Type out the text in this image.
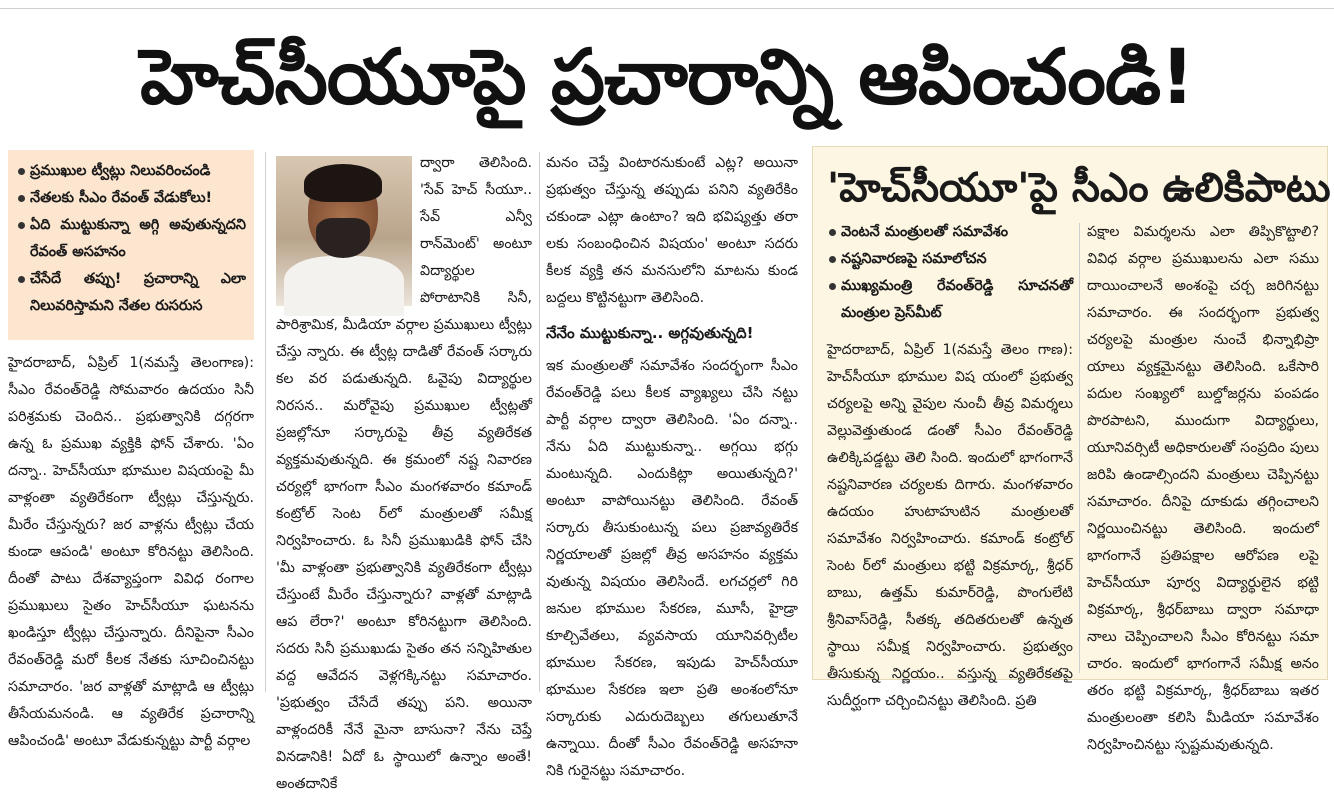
హెచ్‌సీయూపై ప్రచారాన్ని ఆపించండి!
ప్రముఖుల ట్వీట్లు నిలువరించండి
నేతలకు సీఎం రేవంత్ వేడుకోలు!
ఏది ముట్టుకున్నా అగ్గి అవుతున్నదని రేవంత్ అసహనం
చేసేదే తప్పు! ప్రచారాన్ని ఎలా నిలువరిస్తామని నేతల రుసరుస

హైదరాబాద్, ఏప్రిల్ 1(నమస్తే తెలంగాణ): సీఎం రేవంత్‌రెడ్డి సోమవారం ఉదయం సినీ పరిశ్రమకు చెందిన.. ప్రభుత్వానికి దగ్గరగా ఉన్న ఓ ప్రముఖ వ్యక్తికి ఫోన్ చేశారు. 'ఏం దన్నా.. హెచ్‌సీయూ భూముల విషయంపై మీ వాళ్లంతా వ్యతిరేకంగా ట్వీట్లు చేస్తున్నరు. మీరేం చేస్తున్నరు? జర వాళ్లను ట్వీట్లు చేయ కుండా ఆపండి' అంటూ కోరినట్టు తెలిసింది. దీంతో పాటు దేశవ్యాప్తంగా వివిధ రంగాల ప్రముఖులు సైతం హెచ్‌సీయూ ఘటనను ఖండిస్తూ ట్వీట్లు చేస్తున్నారు. దీనిపైనా సీఎం రేవంత్‌రెడ్డి మరో కీలక నేతకు సూచించినట్టు సమాచారం. 'జర వాళ్లతో మాట్లాడి ఆ ట్వీట్లు తీసేయమనండి. ఆ వ్యతిరేక ప్రచారాన్ని ఆపించండి' అంటూ వేడుకున్నట్టు పార్టీ వర్గాల

ద్వారా తెలిసింది. 'సేవ్ హెచ్ సీయూ.. సేవ్ ఎన్వీ రాన్‌మెంట్' అంటూ విద్యార్థుల పోరాటానికి సినీ, పారిశ్రామిక, మీడియా వర్గాల ప్రముఖులు ట్వీట్లు చేస్తు న్నారు. ఈ ట్వీట్ల దాడితో రేవంత్ సర్కారు కల వర పడుతున్నది. ఓవైపు విద్యార్థుల నిరసన.. మరోవైపు ప్రముఖుల ట్వీట్లతో ప్రజల్లోనూ సర్కారుపై తీవ్ర వ్యతిరేకత వ్యక్తమవుతున్నది. ఈ క్రమంలో నష్ట నివారణ చర్యల్లో భాగంగా సీఎం మంగళవారం కమాండ్ కంట్రోల్ సెంట ర్‌లో మంత్రులతో సమీక్ష నిర్వహించారు. ఓ సినీ ప్రముఖుడికి ఫోన్ చేసి 'మీ వాళ్లంతా ప్రభుత్వానికి వ్యతిరేకంగా ట్వీట్లు చేస్తుంటే మీరేం చేస్తున్నారు? వాళ్లతో మాట్లాడి ఆప లేరా?' అంటూ కోరినట్టుగా తెలిసింది. సదరు సినీ ప్రముఖుడు సైతం తన సన్నిహితుల వద్ద ఆవేదన వెళ్లగక్కినట్టు సమాచారం. 'ప్రభుత్వం చేసేదే తప్పు పని. అయినా వాళ్లందరికీ నేనే మైనా బాసునా? నేను చెప్తే వినడానికి! ఏదో ఓ స్థాయిలో ఉన్నాం అంతే! అంతదానికే

మనం చెప్తే వింటారనుకుంటే ఎట్ల? అయినా ప్రభుత్వం చేస్తున్న తప్పుడు పనిని వ్యతిరేకిం చకుండా ఎట్లా ఉంటాం? ఇది భవిష్యత్తు తరా లకు సంబంధించిన విషయం' అంటూ సదరు కీలక వ్యక్తి తన మనసులోని మాటను కుండ బద్దలు కొట్టినట్టుగా తెలిసింది.

నేనేం ముట్టుకున్నా.. అగ్గవుతున్నది!

ఇక మంత్రులతో సమావేశం సందర్భంగా సీఎం రేవంత్‌రెడ్డి పలు కీలక వ్యాఖ్యలు చేసి నట్టు పార్టీ వర్గాల ద్వారా తెలిసింది. 'ఏం దన్నా.. నేను ఏది ముట్టుకున్నా.. అగ్గయి భగ్గు మంటున్నది. ఎందుకిట్లా అయితున్నది?' అంటూ వాపోయినట్టు తెలిసింది. రేవంత్ సర్కారు తీసుకుంటున్న పలు ప్రజావ్యతిరేక నిర్ణయాలతో ప్రజల్లో తీవ్ర అసహనం వ్యక్తమ వుతున్న విషయం తెలిసిందే. లగచర్లలో గిరి జనుల భూముల సేకరణ, మూసీ, హైడ్రా కూల్చివేతలు, వ్యవసాయ యూనివర్సిటీల భూముల సేకరణ, ఇపుడు హెచ్‌సీయూ భూముల సేకరణ ఇలా ప్రతి అంశంలోనూ సర్కారుకు ఎదురుదెబ్బలు తగులుతూనే ఉన్నాయి. దీంతో సీఎం రేవంత్‌రెడ్డి అసహనా నికి గురైనట్టు సమాచారం.

'హెచ్‌సీయూ'పై సీఎం ఉలికిపాటు
వెంటనే మంత్రులతో సమావేశం
నష్టనివారణపై సమాలోచన
ముఖ్యమంత్రి రేవంత్‌రెడ్డి సూచనతో మంత్రుల ప్రెస్‌మీట్

హైదరాబాద్, ఏప్రిల్ 1(నమస్తే తెలం గాణ): హెచ్‌సీయూ భూముల విష యంలో ప్రభుత్వ చర్యలపై అన్ని వైపుల నుంచీ తీవ్ర విమర్శలు వెల్లువెత్తుతుండ డంతో సీఎం రేవంత్‌రెడ్డి ఉలిక్కిపడ్డట్టు తెలి సింది. ఇందులో భాగంగానే నష్టనివారణ చర్యలకు దిగారు. మంగళవారం ఉదయం హుటాహుటిన మంత్రులతో సమావేశం నిర్వహించారు. కమాండ్ కంట్రోల్ సెంట ర్‌లో మంత్రులు భట్టి విక్రమార్క, శ్రీధర్ బాబు, ఉత్తమ్ కుమార్‌రెడ్డి, పొంగులేటి శ్రీనివాస్‌రెడ్డి, సీతక్క తదితరులతో ఉన్నత స్థాయి సమీక్ష నిర్వహించారు. ప్రభుత్వం తీసుకున్న నిర్ణయం.. వస్తున్న వ్యతిరేకతపై సుదీర్ఘంగా చర్చించినట్టు తెలిసింది. ప్రతి

పక్షాల విమర్శలను ఎలా తిప్పికొట్టాలి? వివిధ వర్గాల ప్రముఖులను ఎలా సము దాయించాలనే అంశంపై చర్చ జరిగినట్టు సమాచారం. ఈ సందర్భంగా ప్రభుత్వ చర్యలపై మంత్రుల నుంచే భిన్నాభిప్రా యాలు వ్యక్తమైనట్టు తెలిసింది. ఒకేసారి పదుల సంఖ్యలో బుల్డోజర్లను పంపడం పొరపాటని, ముందుగా విద్యార్థులు, యూనివర్సిటీ అధికారులతో సంప్రదిం పులు జరిపి ఉండాల్సిందని మంత్రులు చెప్పినట్టు సమాచారం. దీనిపై దూకుడు తగ్గించాలని నిర్ణయించినట్టు తెలిసింది. ఇందులో భాగంగానే ప్రతిపక్షాల ఆరోపణ లపై హెచ్‌సీయూ పూర్వ విద్యార్థులైన భట్టి విక్రమార్క, శ్రీధర్‌బాబు ద్వారా సమాధా నాలు చెప్పించాలని సీఎం కోరినట్టు సమా చారం. ఇందులో భాగంగానే సమీక్ష అనం తరం భట్టి విక్రమార్క, శ్రీధర్‌బాబు ఇతర మంత్రులంతా కలిసి మీడియా సమావేశం నిర్వహించినట్టు స్పష్టమవుతున్నది.
